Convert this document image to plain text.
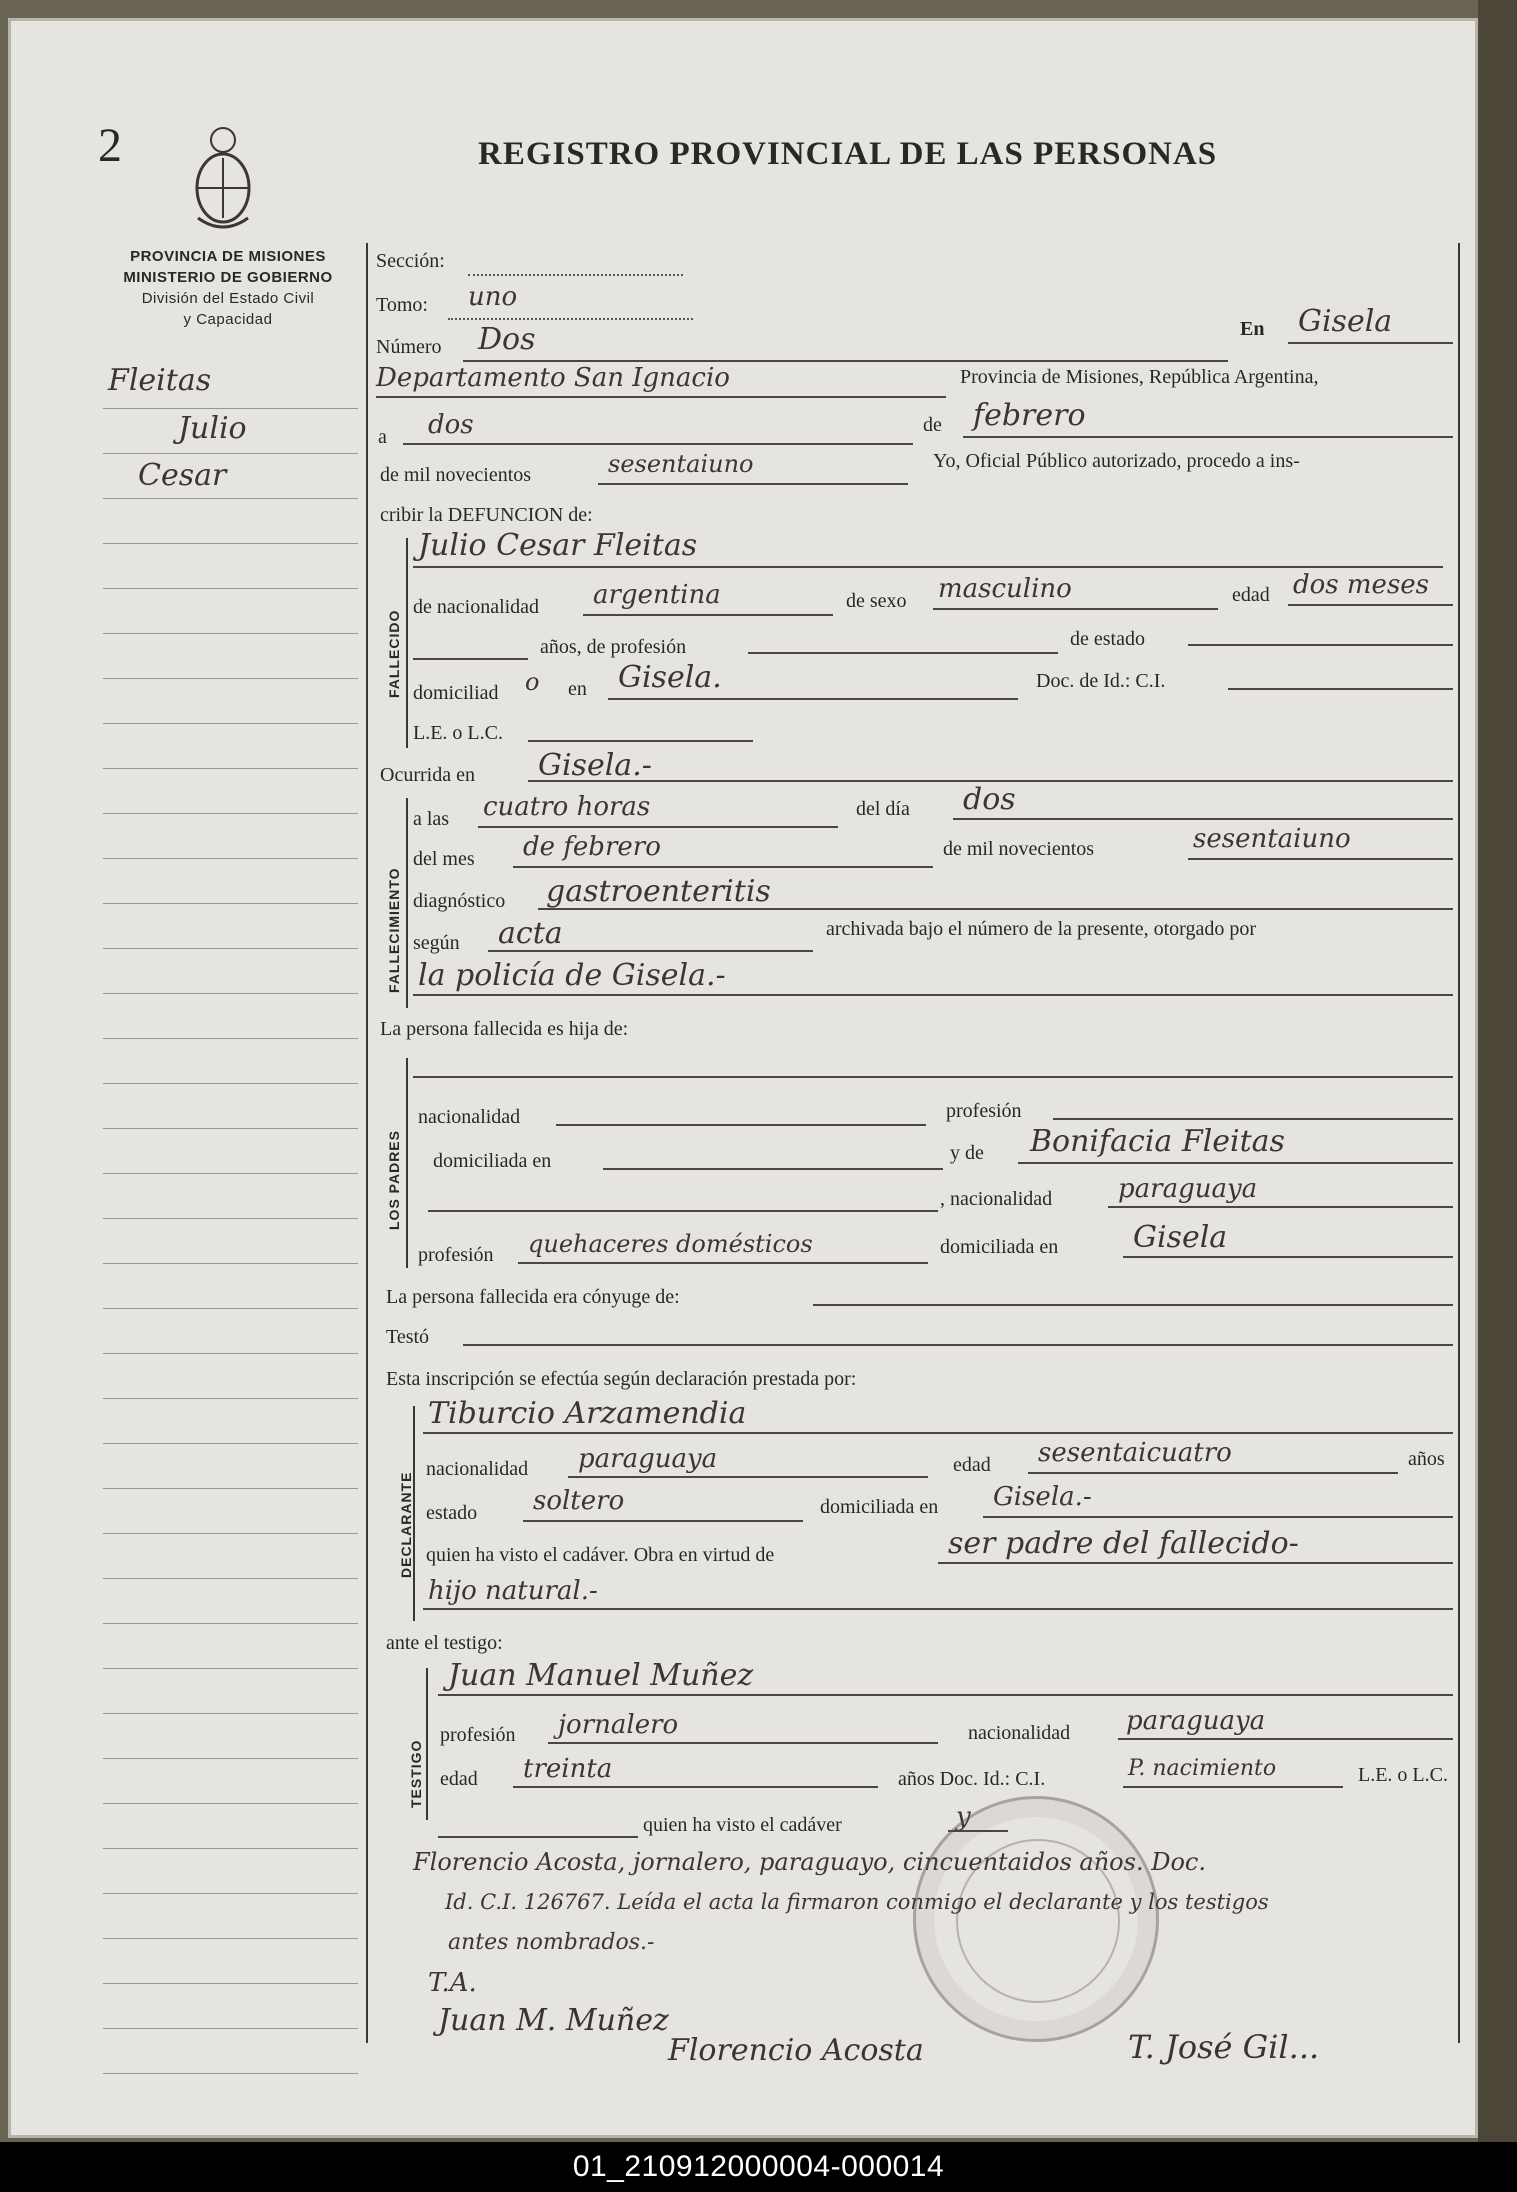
2	REGISTRO PROVINCIAL DE LAS PERSONAS
PROVINCIA DE MISIONES
MINISTERIO DE GOBIERNO
División del Estado Civil
y Capacidad
Fleitas
Julio
Cesar
Sección:
Tomo: uno
Número Dos	En Gisela
Departamento San Ignacio	Provincia de Misiones, República Argentina,
a dos	de febrero
de mil novecientos	sesentaiuno	Yo, Oficial Público autorizado, procedo a ins-
cribir la DEFUNCION de:
FALLECIDO
Julio Cesar Fleitas
de nacionalidad argentina	de sexo masculino	edad dos meses
años, de profesión	de estado
domiciliad o en Gisela.	Doc. de Id.: C.I.
L.E. o L.C.
Ocurrida en Gisela.-
FALLECIMIENTO
a las cuatro horas	del día dos
del mes de febrero	de mil novecientos	sesentaiuno
diagnóstico gastroenteritis
según acta	archivada bajo el número de la presente, otorgado por
la policía de Gisela.-
La persona fallecida es hija de:
LOS PADRES
nacionalidad	profesión
domiciliada en	y de Bonifacia Fleitas
, nacionalidad	paraguaya
profesión quehaceres domésticos	domiciliada en Gisela
La persona fallecida era cónyuge de:
Testó
Esta inscripción se efectúa según declaración prestada por:
DECLARANTE
Tiburcio Arzamendia
nacionalidad paraguaya	edad sesentaicuatro	años
estado soltero	domiciliada en Gisela.-
quien ha visto el cadáver. Obra en virtud de	ser padre del fallecido-
hijo natural.-
ante el testigo:
TESTIGO
Juan Manuel Muñez
profesión jornalero	nacionalidad paraguaya
edad treinta	años Doc. Id.: C.I.	P. nacimiento	L.E. o L.C.
quien ha visto el cadáver	y
Florencio Acosta, jornalero, paraguayo, cincuentaidos años. Doc.
Id. C.I. 126767. Leída el acta la firmaron conmigo el declarante y los testigos
antes nombrados.-
T.A.
Juan M. Muñez
Florencio Acosta	T. José Gil...
01_210912000004-000014
